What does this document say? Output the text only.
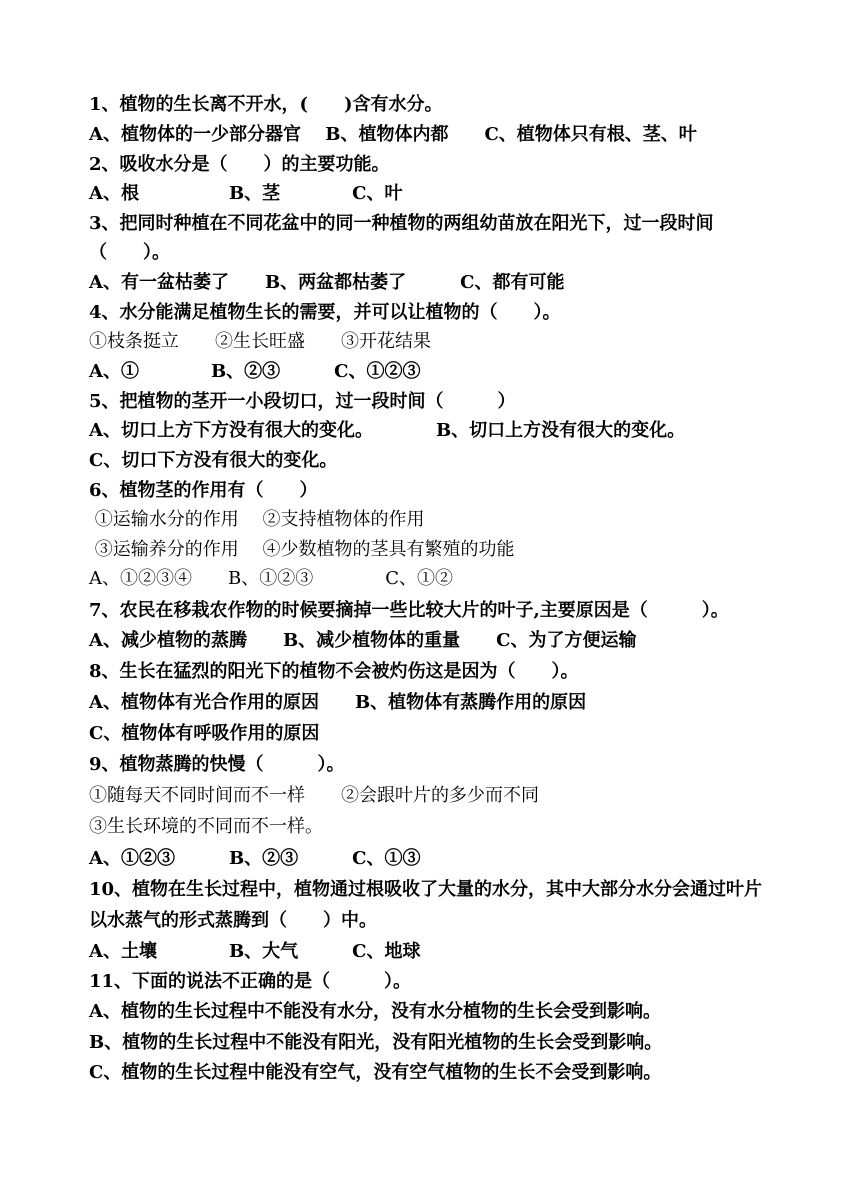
1、植物的生长离不开水，(　　)含有水分。
A、植物体的一少部分器官　 B、植物体内都　　C、植物体只有根、茎、叶
2、吸收水分是（　　）的主要功能。
A、根　　　　　B、茎　　　　C、叶
3、把同时种植在不同花盆中的同一种植物的两组幼苗放在阳光下，过一段时间
（　　）。
A、有一盆枯萎了　　B、两盆都枯萎了　　　C、都有可能
4、水分能满足植物生长的需要，并可以让植物的（　　）。
①枝条挺立　　②生长旺盛　　③开花结果
A、①　　　　B、②③　　　C、①②③
5、把植物的茎开一小段切口，过一段时间（　　　）
A、切口上方下方没有很大的变化。　　　　B、切口上方没有很大的变化。
C、切口下方没有很大的变化。
6、植物茎的作用有（　　）
①运输水分的作用　 ②支持植物体的作用
③运输养分的作用　 ④少数植物的茎具有繁殖的功能
A、①②③④　　B、①②③　　　　C、①②
7、农民在移栽农作物的时候要摘掉一些比较大片的叶子,主要原因是（　　　）。
A、减少植物的蒸腾　　B、减少植物体的重量　　C、为了方便运输
8、生长在猛烈的阳光下的植物不会被灼伤这是因为（　　）。
A、植物体有光合作用的原因　　B、植物体有蒸腾作用的原因
C、植物体有呼吸作用的原因
9、植物蒸腾的快慢（　　　）。
①随每天不同时间而不一样　　②会跟叶片的多少而不同
③生长环境的不同而不一样。
A、①②③　　　B、②③　　　C、①③
10、植物在生长过程中，植物通过根吸收了大量的水分，其中大部分水分会通过叶片
以水蒸气的形式蒸腾到（　　）中。
A、土壤　　　　B、大气　　　C、地球
11、下面的说法不正确的是（　　　）。
A、植物的生长过程中不能没有水分，没有水分植物的生长会受到影响。
B、植物的生长过程中不能没有阳光，没有阳光植物的生长会受到影响。
C、植物的生长过程中能没有空气，没有空气植物的生长不会受到影响。
